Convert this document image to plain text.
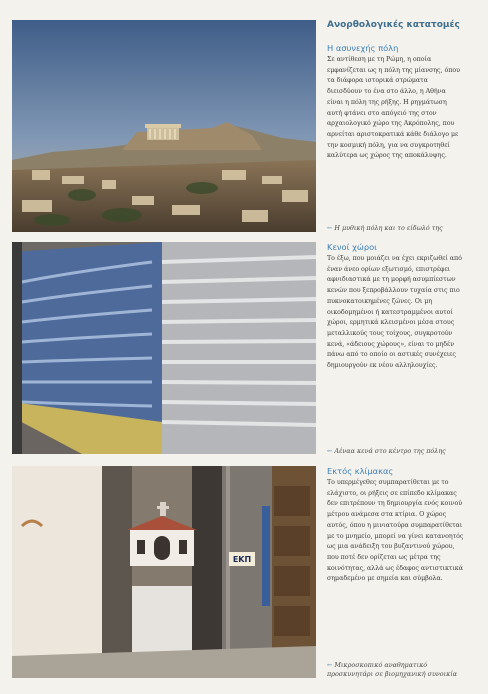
ΕΚΠ
Ανορθολογικές κατατομές
Η ασυνεχής πόλη

Σε αντίθεση με τη Ρώμη, η οποία
εμφανίζεται ως η πόλη της μίανσης, όπου
τα διάφορα ιστορικά στρώματα
διεισδύουν το ένα στο άλλο, η Αθήνα
είναι η πόλη της ρήξης. Η ρηγμάτωση
αυτή φτάνει στο απόγειό της στον
αρχαιολογικό χώρο της Ακρόπολης, που
αρνείται αριστοκρατικά κάθε διάλογο με
την κοσμική πόλη, για να συγκροτηθεί
καλύτερα ως χώρος της αποκάλυψης.

← Η μυθική πόλη και το είδωλό της
Κενοί χώροι

Το έξω, που μοιάζει να έχει εκριζωθεί από
έναν άνεο ορίων εξωτισμό, επιστρέφει
αφνιδιαστικά με τη μορφή ασυμπίεστων
κενών που ξεπροβάλλουν τυχαία στις πιο
πυκνοκατοικημένες ζώνες. Οι μη
οικοδομημένοι ή κατεστραμμένοι αυτοί
χώροι, ερμητικά κλεισμένοι μέσα στους
μεταλλικούς τους τοίχους, συγκροτούν
κενά, «άδειους χώρους», είναι το μηδέν
πάνω από το οποίο οι αστικές συνέχειες
δημιουργούν εκ νέου αλληλουχίες.

← Αέναα κενά στο κέντρο της πόλης
Εκτός κλίμακας

Το υπερμέγεθες συμπαρατίθεται με το
ελάχιστο, οι ρήξεις σε επίπεδο κλίμακας
δεν επιτρέπουν τη δημιουργία ενός κοινού
μέτρου ανάμεσα στα κτίρια. Ο χώρος
αυτός, όπου η μινιατούρα συμπαρατίθεται
με το μνημείο, μπορεί να γίνει κατανοητός
ως μια ανάδειξη του βυζαντινού χώρου,
που ποτέ δεν ορίζεται ως μέτρα της
κοινότητας, αλλά ως έδαφος αντιστικτικά
σημαδεμένο με σημεία και σύμβολα.

← Μικροσκοπικό αναθηματικό
προσκυνητάρι σε βιομηχανική συνοικία
